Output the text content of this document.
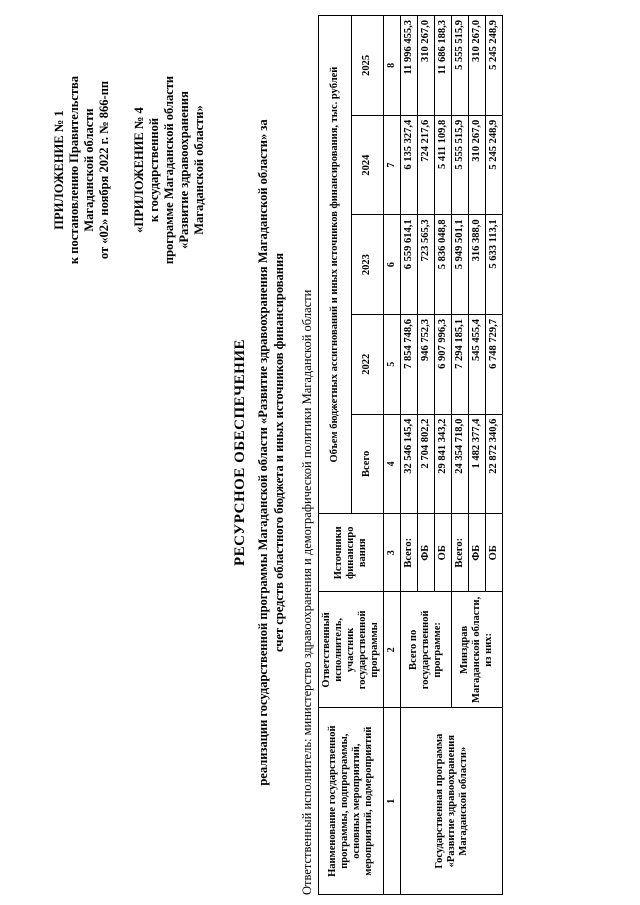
ПРИЛОЖЕНИЕ № 1 к постановлению Правительства Магаданской области от «02» ноября 2022 г. № 866-пп «ПРИЛОЖЕНИЕ № 4 к государственной программе Магаданской области «Развитие здравоохранения Магаданской области»
РЕСУРСНОЕ ОБЕСПЕЧЕНИЕ реализации государственной программы Магаданской области «Развитие здравоохранения Магаданской области» за счет средств областного бюджета и иных источников финансирования Ответственный исполнитель: министерство здравоохранения и демографической политики Магаданской области Наименование государственной программы, подпрограммы, основных мероприятий, мероприятий, подмероприятий	Ответственный исполнитель, участник государственной программы	Источники финансиро вания	Объем бюджетных ассигнований и иных источников финансирования, тыс. рублей				
			Всего	2022	2023	2024	2025
1	2	3	4	5	6	7	8
Государственная программа «Развитие здравоохранения Магаданской области»	Всего по государственной программе:	Всего:	32 546 145,4	7 854 748,6	6 559 614,1	6 135 327,4	11 996 455,3
		ФБ	2 704 802,2	946 752,3	723 565,3	724 217,6	310 267,0
		ОБ	29 841 343,2	6 907 996,3	5 836 048,8	5 411 109,8	11 686 188,3
	Минздрав Магаданской области, из них:	Всего:	24 354 718,0	7 294 185,1	5 949 501,1	5 555 515,9	5 555 515,9
		ФБ	1 482 377,4	545 455,4	316 388,0	310 267,0	310 267,0
		ОБ	22 872 340,6	6 748 729,7	5 633 113,1	5 245 248,9	5 245 248,9
